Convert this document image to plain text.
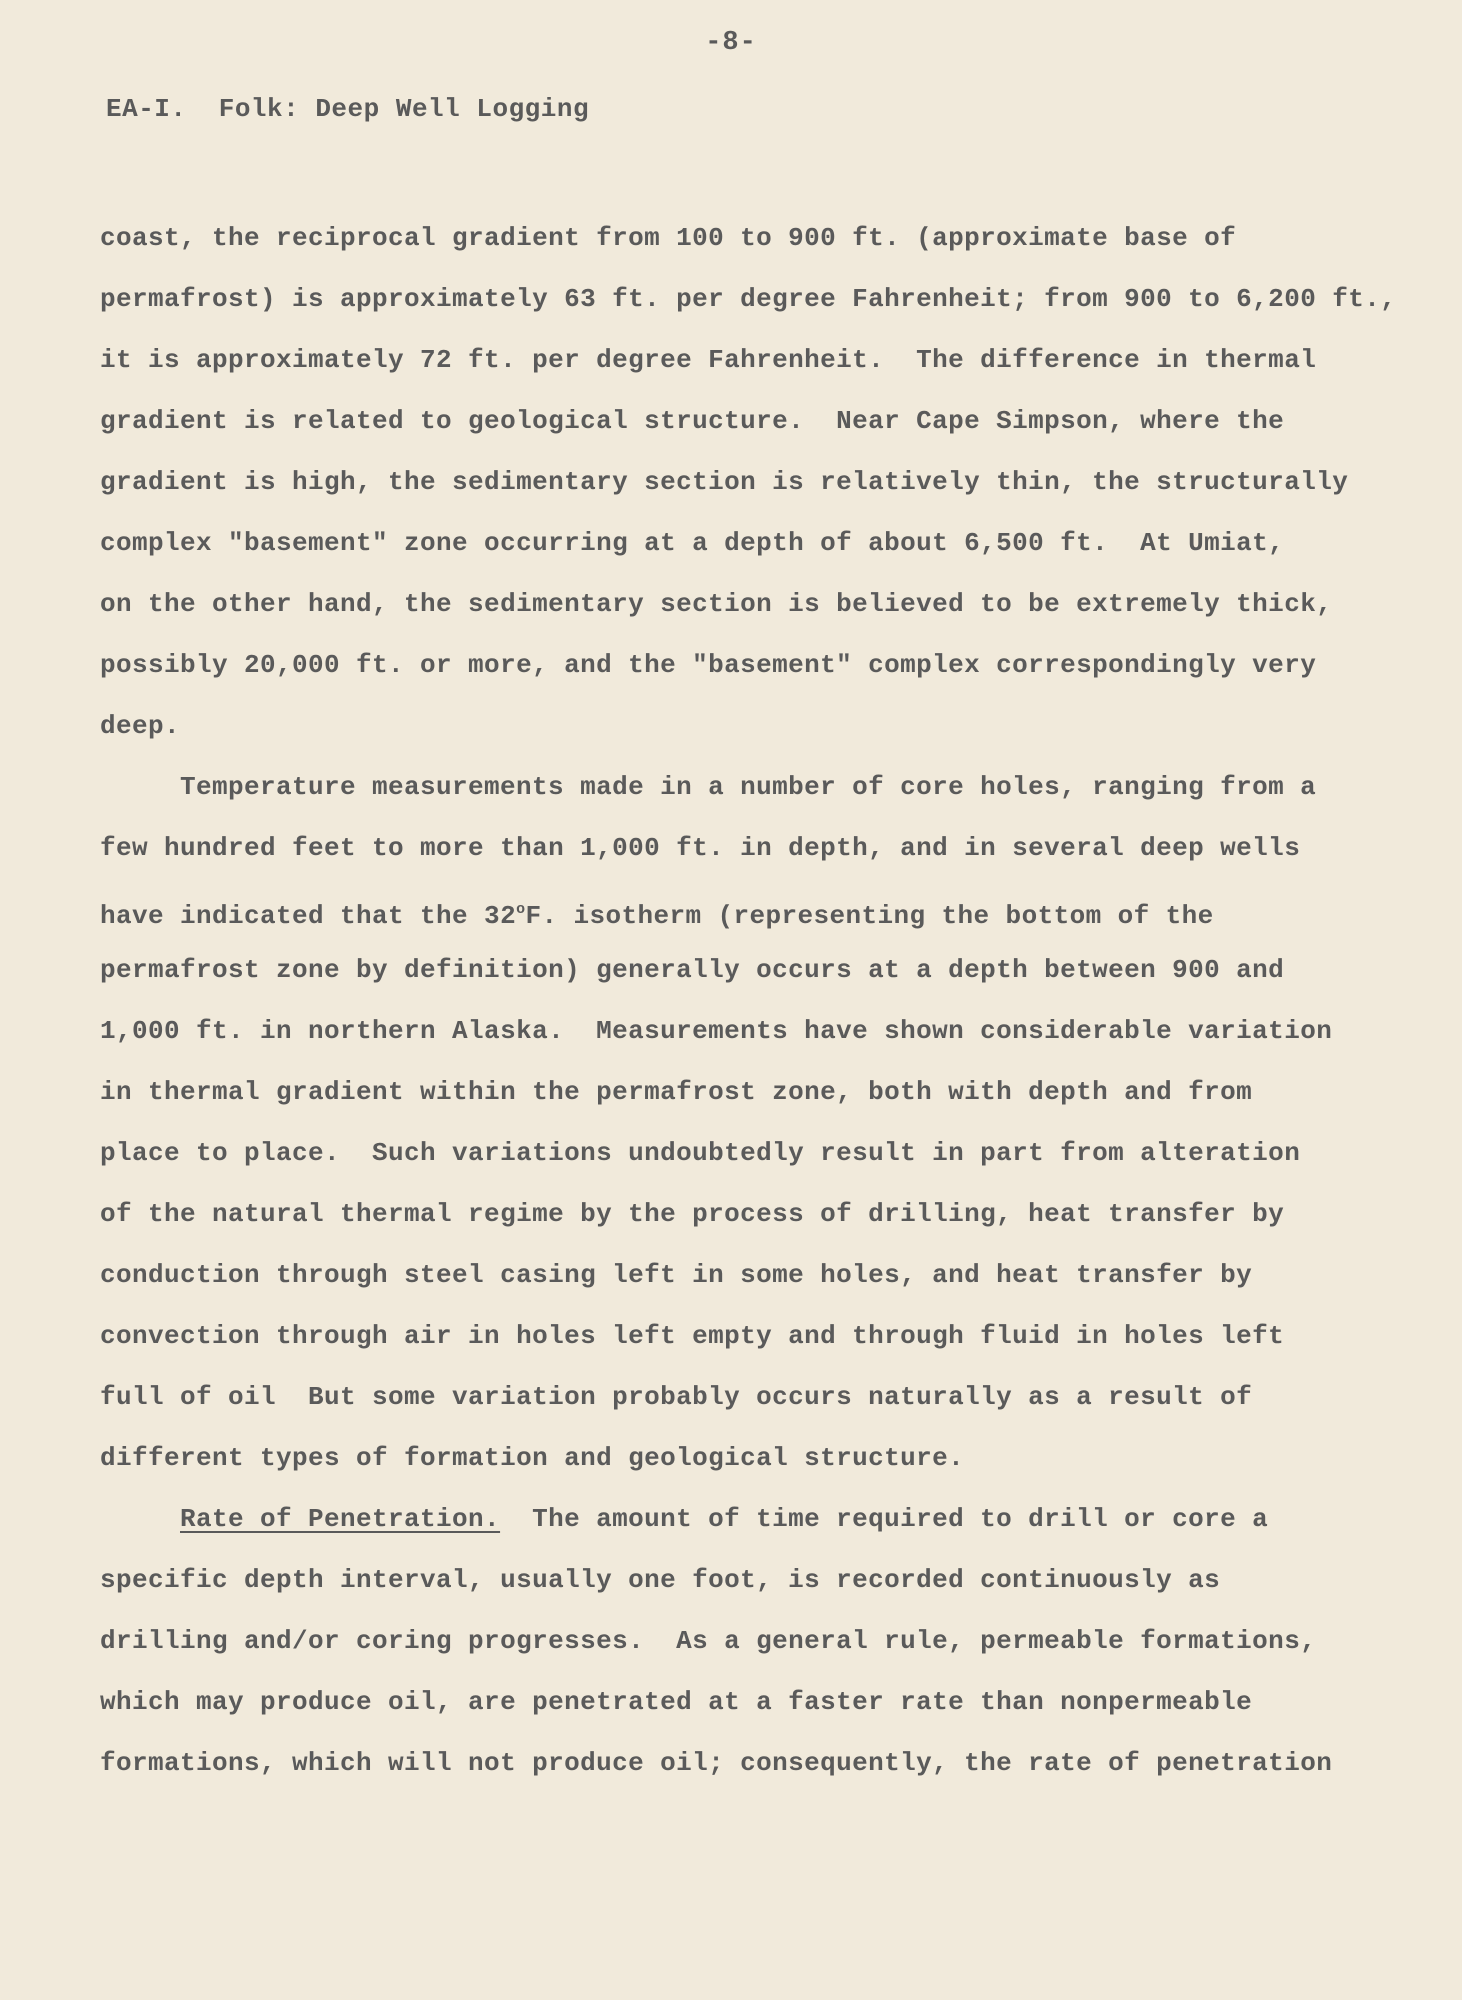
-8-
EA-I.  Folk: Deep Well Logging
coast, the reciprocal gradient from 100 to 900 ft. (approximate base of
permafrost) is approximately 63 ft. per degree Fahrenheit; from 900 to 6,200 ft.,
it is approximately 72 ft. per degree Fahrenheit.  The difference in thermal
gradient is related to geological structure.  Near Cape Simpson, where the
gradient is high, the sedimentary section is relatively thin, the structurally
complex "basement" zone occurring at a depth of about 6,500 ft.  At Umiat,
on the other hand, the sedimentary section is believed to be extremely thick,
possibly 20,000 ft. or more, and the "basement" complex correspondingly very
deep.
Temperature measurements made in a number of core holes, ranging from a
few hundred feet to more than 1,000 ft. in depth, and in several deep wells
have indicated that the 32$^o$F. isotherm (representing the bottom of the
permafrost zone by definition) generally occurs at a depth between 900 and
1,000 ft. in northern Alaska.  Measurements have shown considerable variation
in thermal gradient within the permafrost zone, both with depth and from
place to place.  Such variations undoubtedly result in part from alteration
of the natural thermal regime by the process of drilling, heat transfer by
conduction through steel casing left in some holes, and heat transfer by
convection through air in holes left empty and through fluid in holes left
full of oil  But some variation probably occurs naturally as a result of
different types of formation and geological structure.
Rate of Penetration.  The amount of time required to drill or core a
specific depth interval, usually one foot, is recorded continuously as
drilling and/or coring progresses.  As a general rule, permeable formations,
which may produce oil, are penetrated at a faster rate than nonpermeable
formations, which will not produce oil; consequently, the rate of penetration
